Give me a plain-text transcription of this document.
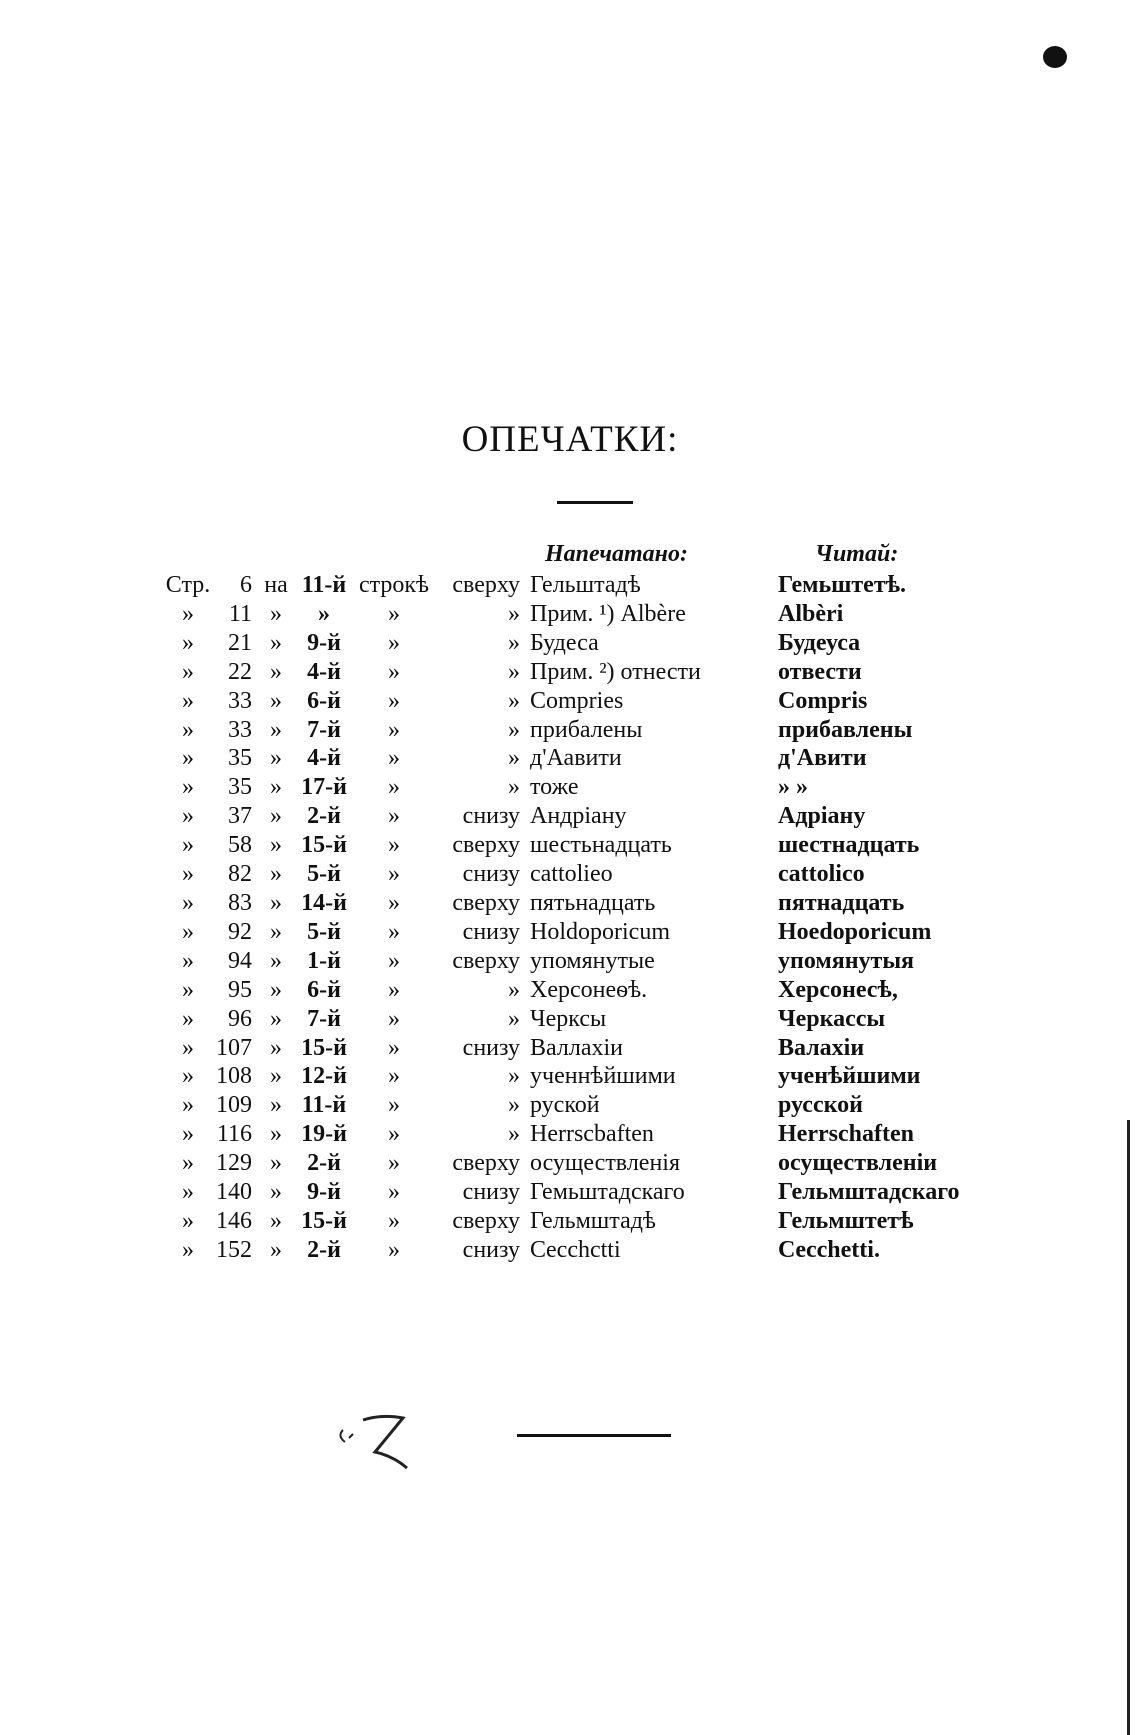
ОПЕЧАТКИ:
Напечатано:	Читай:
Стр.	6	на	11-й	строкѣ	сверху	Гельштадѣ	Гемьштетѣ.
»	11	»	»	»	»	Прим. ¹) Albère	Albèri
»	21	»	9-й	»	»	Будеса	Будеуса
»	22	»	4-й	»	»	Прим. ²) отнести	отвести
»	33	»	6-й	»	»	Compries	Compris
»	33	»	7-й	»	»	прибалены	прибавлены
»	35	»	4-й	»	»	д'Аавити	д'Авити
»	35	»	17-й	»	»	тоже	» »
»	37	»	2-й	»	снизу	Андріану	Адріану
»	58	»	15-й	»	сверху	шестьнадцать	шестнадцать
»	82	»	5-й	»	снизу	cattolieo	cattolico
»	83	»	14-й	»	сверху	пятьнадцать	пятнадцать
»	92	»	5-й	»	снизу	Holdoporicum	Hoedoporicum
»	94	»	1-й	»	сверху	упомянутые	упомянутыя
»	95	»	6-й	»	»	Херсонеѳѣ.	Херсонесѣ,
»	96	»	7-й	»	»	Черксы	Черкассы
»	107	»	15-й	»	снизу	Валлахіи	Валахіи
»	108	»	12-й	»	»	ученнѣйшими	ученѣйшими
»	109	»	11-й	»	»	руской	русской
»	116	»	19-й	»	»	Herrscbaften	Herrschaften
»	129	»	2-й	»	сверху	осуществленія	осуществленіи
»	140	»	9-й	»	снизу	Гемьштадскаго	Гельмштадскаго
»	146	»	15-й	»	сверху	Гельмштадѣ	Гельмштетѣ
»	152	»	2-й	»	снизу	Cecchctti	Cecchetti.
